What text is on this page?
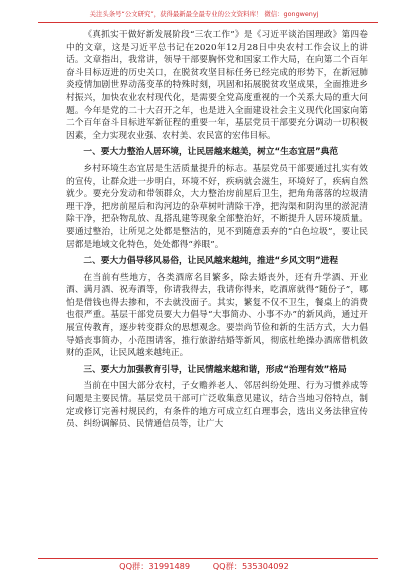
关注头条号“公文研究”，获得最新最全最专业的公文资料库！ 微信：gongwenyj

《真抓实干做好新发展阶段“三农工作”》是《习近平谈治国理政》第四卷中的文章，这是习近平总书记在2020年12月28日中央农村工作会议上的讲话。文章指出，我常讲，领导干部要胸怀党和国家工作大局，在向第二个百年奋斗目标迈进的历史关口，在脱贫攻坚目标任务已经完成的形势下，在新冠肺炎疫情加剧世界动荡变革的特殊时刻，巩固和拓展脱贫攻坚成果，全面推进乡村振兴，加快农业农村现代化，是需要全党高度重视的一个关系大局的重大问题。今年是党的二十大召开之年，也是进入全面建设社会主义现代化国家向第二个百年奋斗目标进军新征程的重要一年，基层党员干部要充分调动一切积极因素，全力实现农业强、农村美、农民富的宏伟目标。

一、要大力整治人居环境，让民居越来越美，树立“生态宜居”典范

乡村环境生态宜居是生活质量提升的标志。基层党员干部要通过扎实有效的宣传，让群众进一步明白，环境不好，疾病就会滋生，环境好了，疾病自然就少。要充分发动和带领群众，大力整治房前屋后卫生，把角角落落的垃圾清理干净，把房前屋后和沟河边的杂草树叶清除干净，把沟渠和阴沟里的淤泥清除干净，把杂物乱放、乱搭乱建等现象全部整治好，不断提升人居环境质量。要通过整治，让所见之处都是整洁的，见不到随意丢弃的“白色垃圾”，要让民居都是地域文化特色，处处都得“养眼”。

二、要大力倡导移风易俗，让民风越来越纯，推进“乡风文明”进程

在当前有些地方，各类酒席名目繁多，除去婚丧外，还有升学酒、开业酒、满月酒、祝寿酒等，你请我得去，我请你得来，吃酒席就得“随份子”，哪怕是借钱也得去掺和，不去就没面子。其实，繁复不仅不卫生，餐桌上的消费也很严重。基层干部党员要大力倡导“大事简办、小事不办”的新风尚，通过开展宣传教育，逐步转变群众的思想观念。要崇尚节俭和新的生活方式，大力倡导婚丧事简办，小范围请客，推行旅游结婚等新风，彻底杜绝操办酒席借机敛财的歪风，让民风越来越纯正。

三、要大力加强教育引导，让民情越来越和谐，形成“治理有效”格局

当前在中国大部分农村，子女赡养老人、邻居纠纷处理、行为习惯养成等问题是主要民情。基层党员干部可广泛收集意见建议，结合当地习俗特点，制定或修订完善村规民约，有条件的地方可成立红白理事会，选出义务法律宣传员、纠纷调解员、民情通信员等，让广大

QQ群：31991489	QQ群：535304092
